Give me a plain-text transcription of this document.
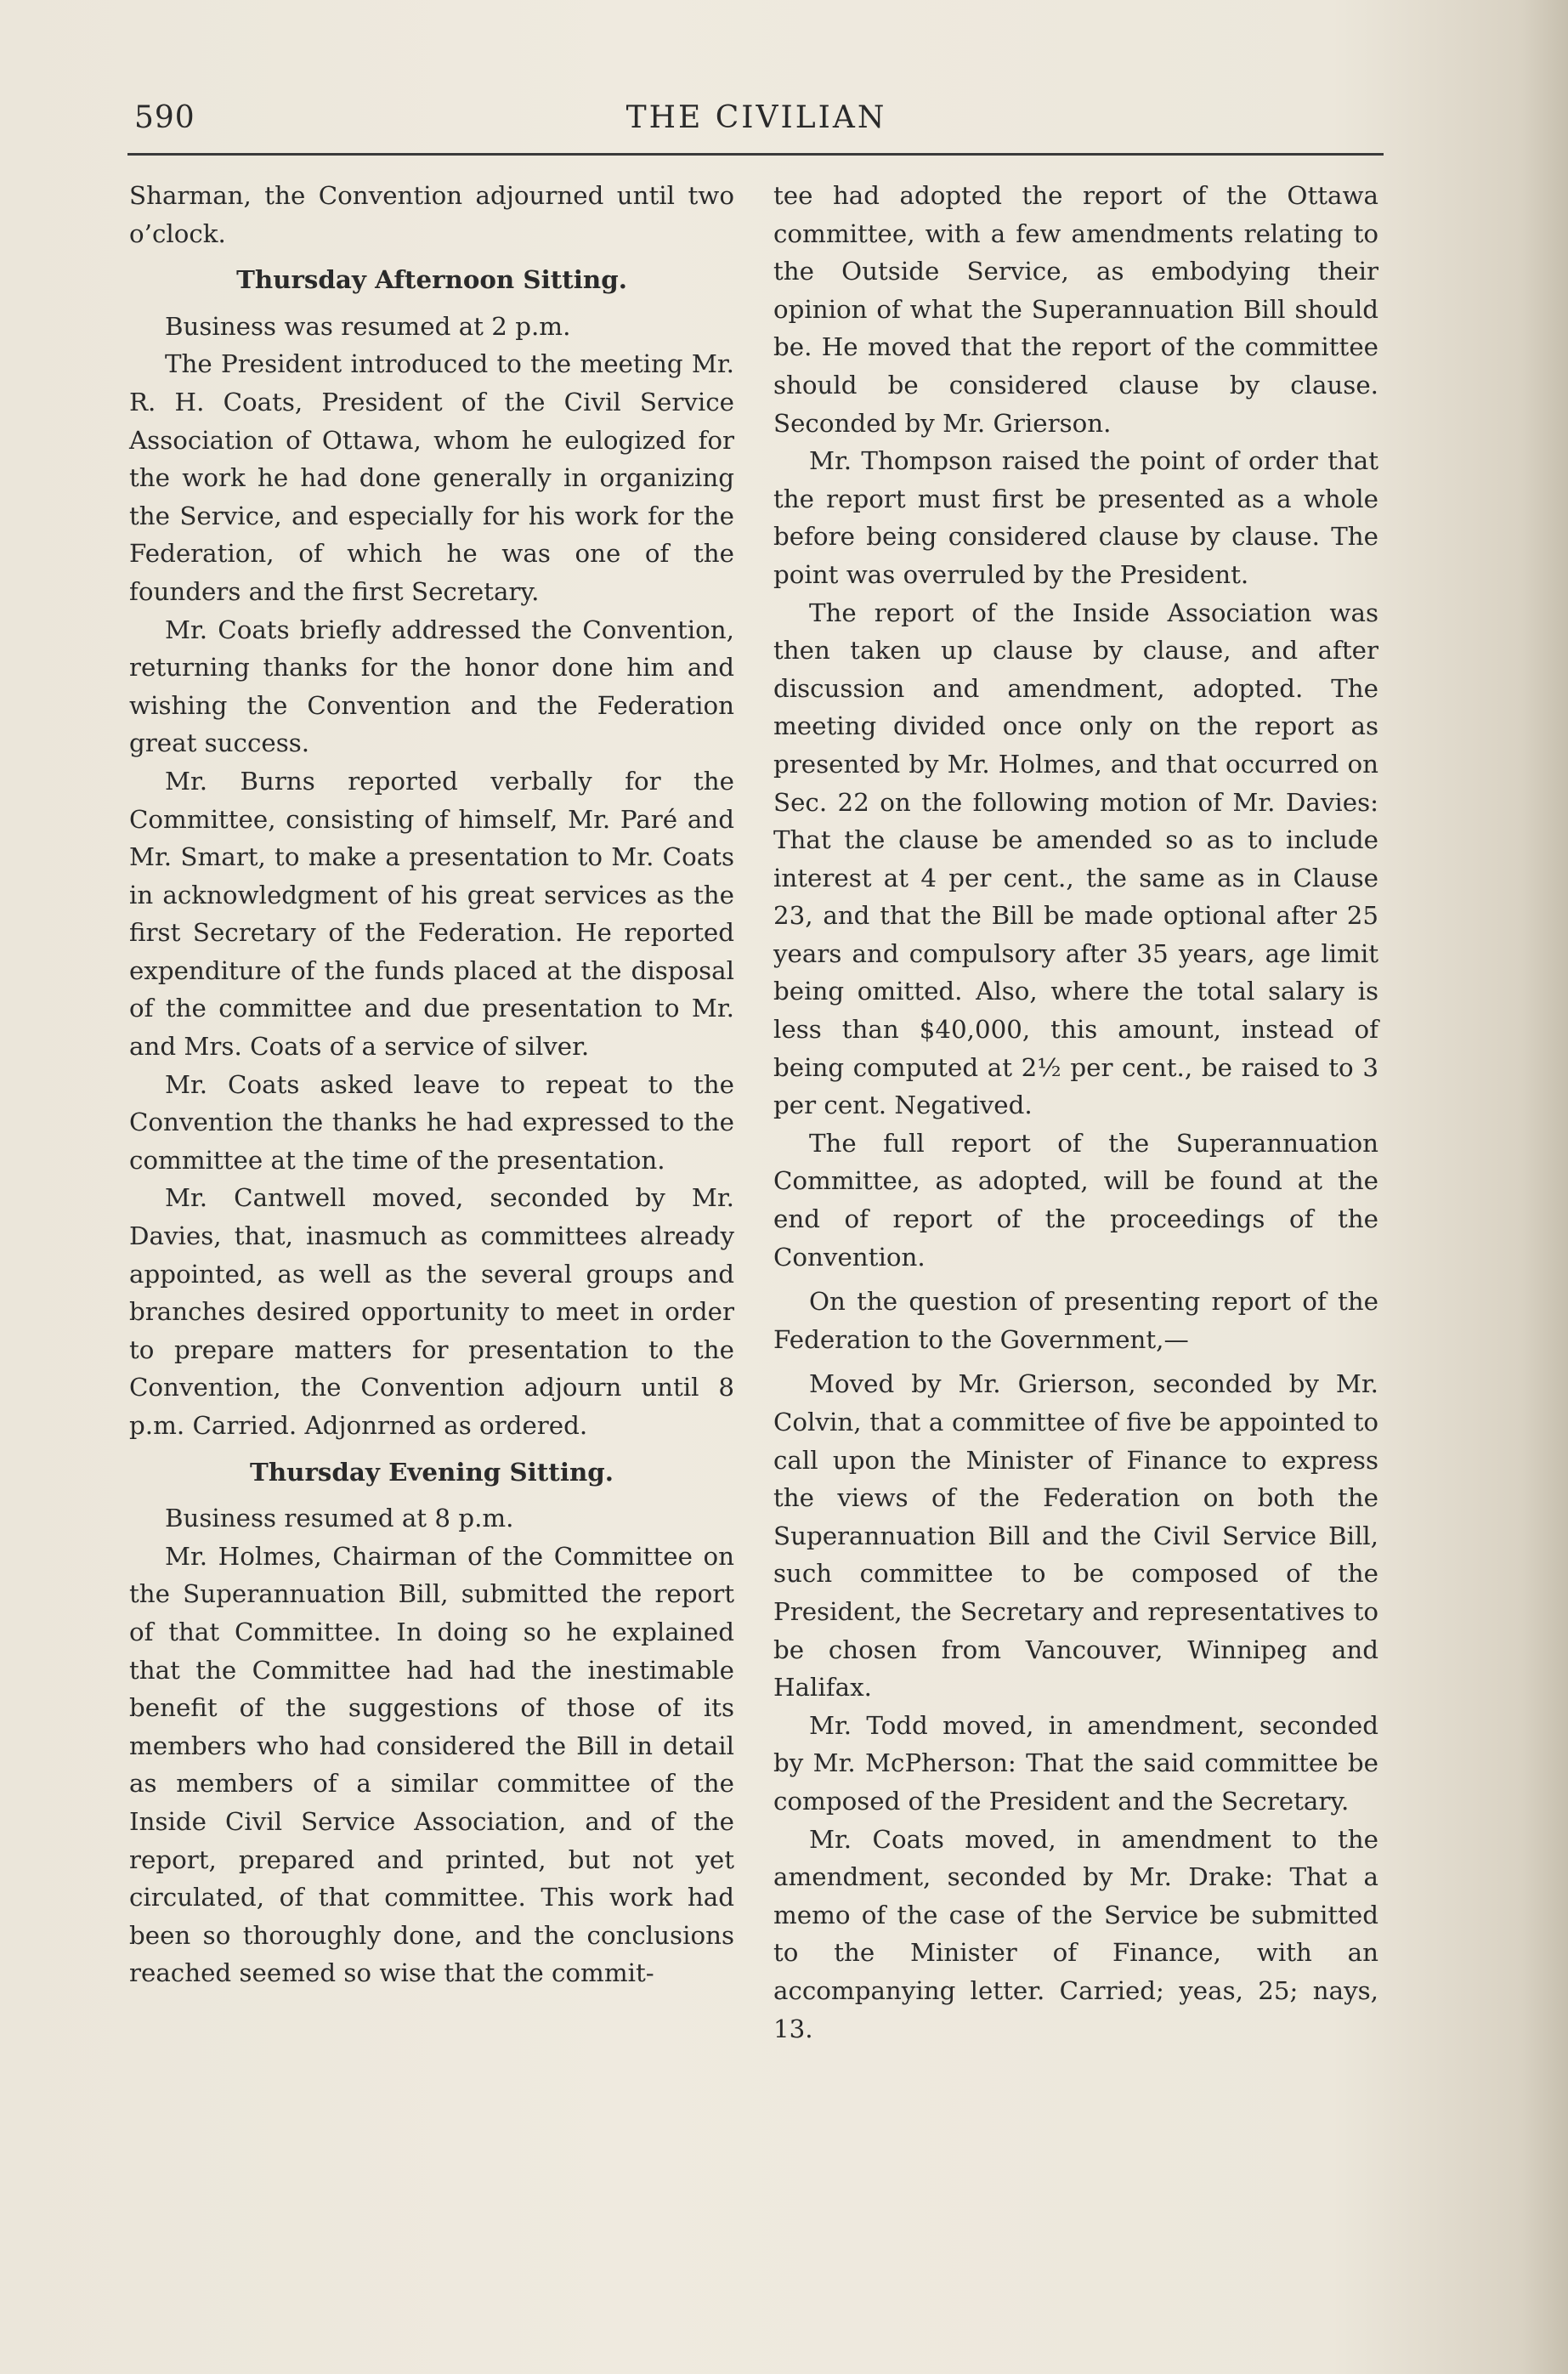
590	THE CIVILIAN

Sharman, the Convention adjourned until two o’clock.

Thursday Afternoon Sitting.

Business was resumed at 2 p.m.

The President introduced to the meeting Mr. R. H. Coats, President of the Civil Service Association of Ottawa, whom he eulogized for the work he had done generally in organizing the Service, and especially for his work for the Federation, of which he was one of the founders and the first Secretary.

Mr. Coats briefly addressed the Convention, returning thanks for the honor done him and wishing the Convention and the Federation great success.

Mr. Burns reported verbally for the Committee, consisting of himself, Mr. Paré and Mr. Smart, to make a presentation to Mr. Coats in acknowledgment of his great services as the first Secretary of the Federation. He reported expenditure of the funds placed at the disposal of the committee and due presentation to Mr. and Mrs. Coats of a service of silver.

Mr. Coats asked leave to repeat to the Convention the thanks he had expressed to the committee at the time of the presentation.

Mr. Cantwell moved, seconded by Mr. Davies, that, inasmuch as committees already appointed, as well as the several groups and branches desired opportunity to meet in order to prepare matters for presentation to the Convention, the Convention adjourn until 8 p.m. Carried. Adjonrned as ordered.

Thursday Evening Sitting.

Business resumed at 8 p.m.

Mr. Holmes, Chairman of the Committee on the Superannuation Bill, submitted the report of that Committee. In doing so he explained that the Committee had had the inestimable benefit of the suggestions of those of its members who had considered the Bill in detail as members of a similar committee of the Inside Civil Service Association, and of the report, prepared and printed, but not yet circulated, of that committee. This work had been so thoroughly done, and the conclusions reached seemed so wise that the commit-

tee had adopted the report of the Ottawa committee, with a few amendments relating to the Outside Service, as embodying their opinion of what the Superannuation Bill should be. He moved that the report of the committee should be considered clause by clause. Seconded by Mr. Grierson.

Mr. Thompson raised the point of order that the report must first be presented as a whole before being considered clause by clause. The point was overruled by the President.

The report of the Inside Association was then taken up clause by clause, and after discussion and amendment, adopted. The meeting divided once only on the report as presented by Mr. Holmes, and that occurred on Sec. 22 on the following motion of Mr. Davies: That the clause be amended so as to include interest at 4 per cent., the same as in Clause 23, and that the Bill be made optional after 25 years and compulsory after 35 years, age limit being omitted. Also, where the total salary is less than $40,000, this amount, instead of being computed at 2½ per cent., be raised to 3 per cent. Negatived.

The full report of the Superannuation Committee, as adopted, will be found at the end of report of the proceedings of the Convention.

On the question of presenting report of the Federation to the Government,—

Moved by Mr. Grierson, seconded by Mr. Colvin, that a committee of five be appointed to call upon the Minister of Finance to express the views of the Federation on both the Superannuation Bill and the Civil Service Bill, such committee to be composed of the President, the Secretary and representatives to be chosen from Vancouver, Winnipeg and Halifax.

Mr. Todd moved, in amendment, seconded by Mr. McPherson: That the said committee be composed of the President and the Secretary.

Mr. Coats moved, in amendment to the amendment, seconded by Mr. Drake: That a memo of the case of the Service be submitted to the Minister of Finance, with an accompanying letter. Carried; yeas, 25; nays, 13.
